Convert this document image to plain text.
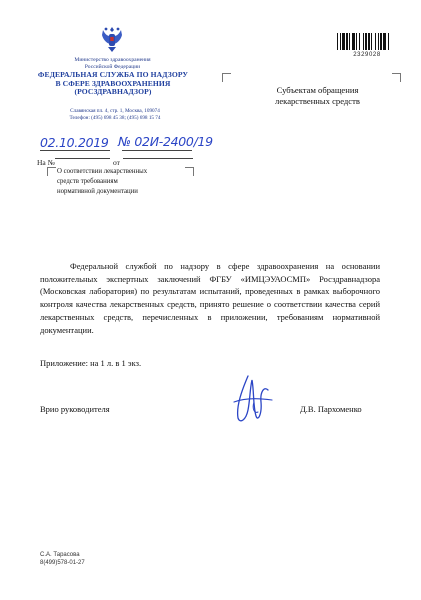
Министерство здравоохранения
Российской Федерации
ФЕДЕРАЛЬНАЯ СЛУЖБА ПО НАДЗОРУ
В СФЕРЕ ЗДРАВООХРАНЕНИЯ
(РОСЗДРАВНАДЗОР)
Славянская пл. 4, стр. 1, Москва, 109074
Телефон: (495) 698 45 38; (495) 698 15 74
2329028
Субъектам обращения
лекарственных средств
02.10.2019 № 02И-2400/19
На №	от
О соответствии лекарственных
средств требованиям
нормативной документации
Федеральной службой по надзору в сфере здравоохранения на основании положительных экспертных заключений ФГБУ «ИМЦЭУАОСМП» Росздравнадзора (Московская лаборатория) по результатам испытаний, проведенных в рамках выборочного контроля качества лекарственных средств, принято решение о соответствии качества серий лекарственных средств, перечисленных в приложении, требованиям нормативной документации.
Приложение: на 1 л. в 1 экз.
Врио руководителя	Д.В. Пархоменко
С.А. Тарасова
8(499)578-01-27
